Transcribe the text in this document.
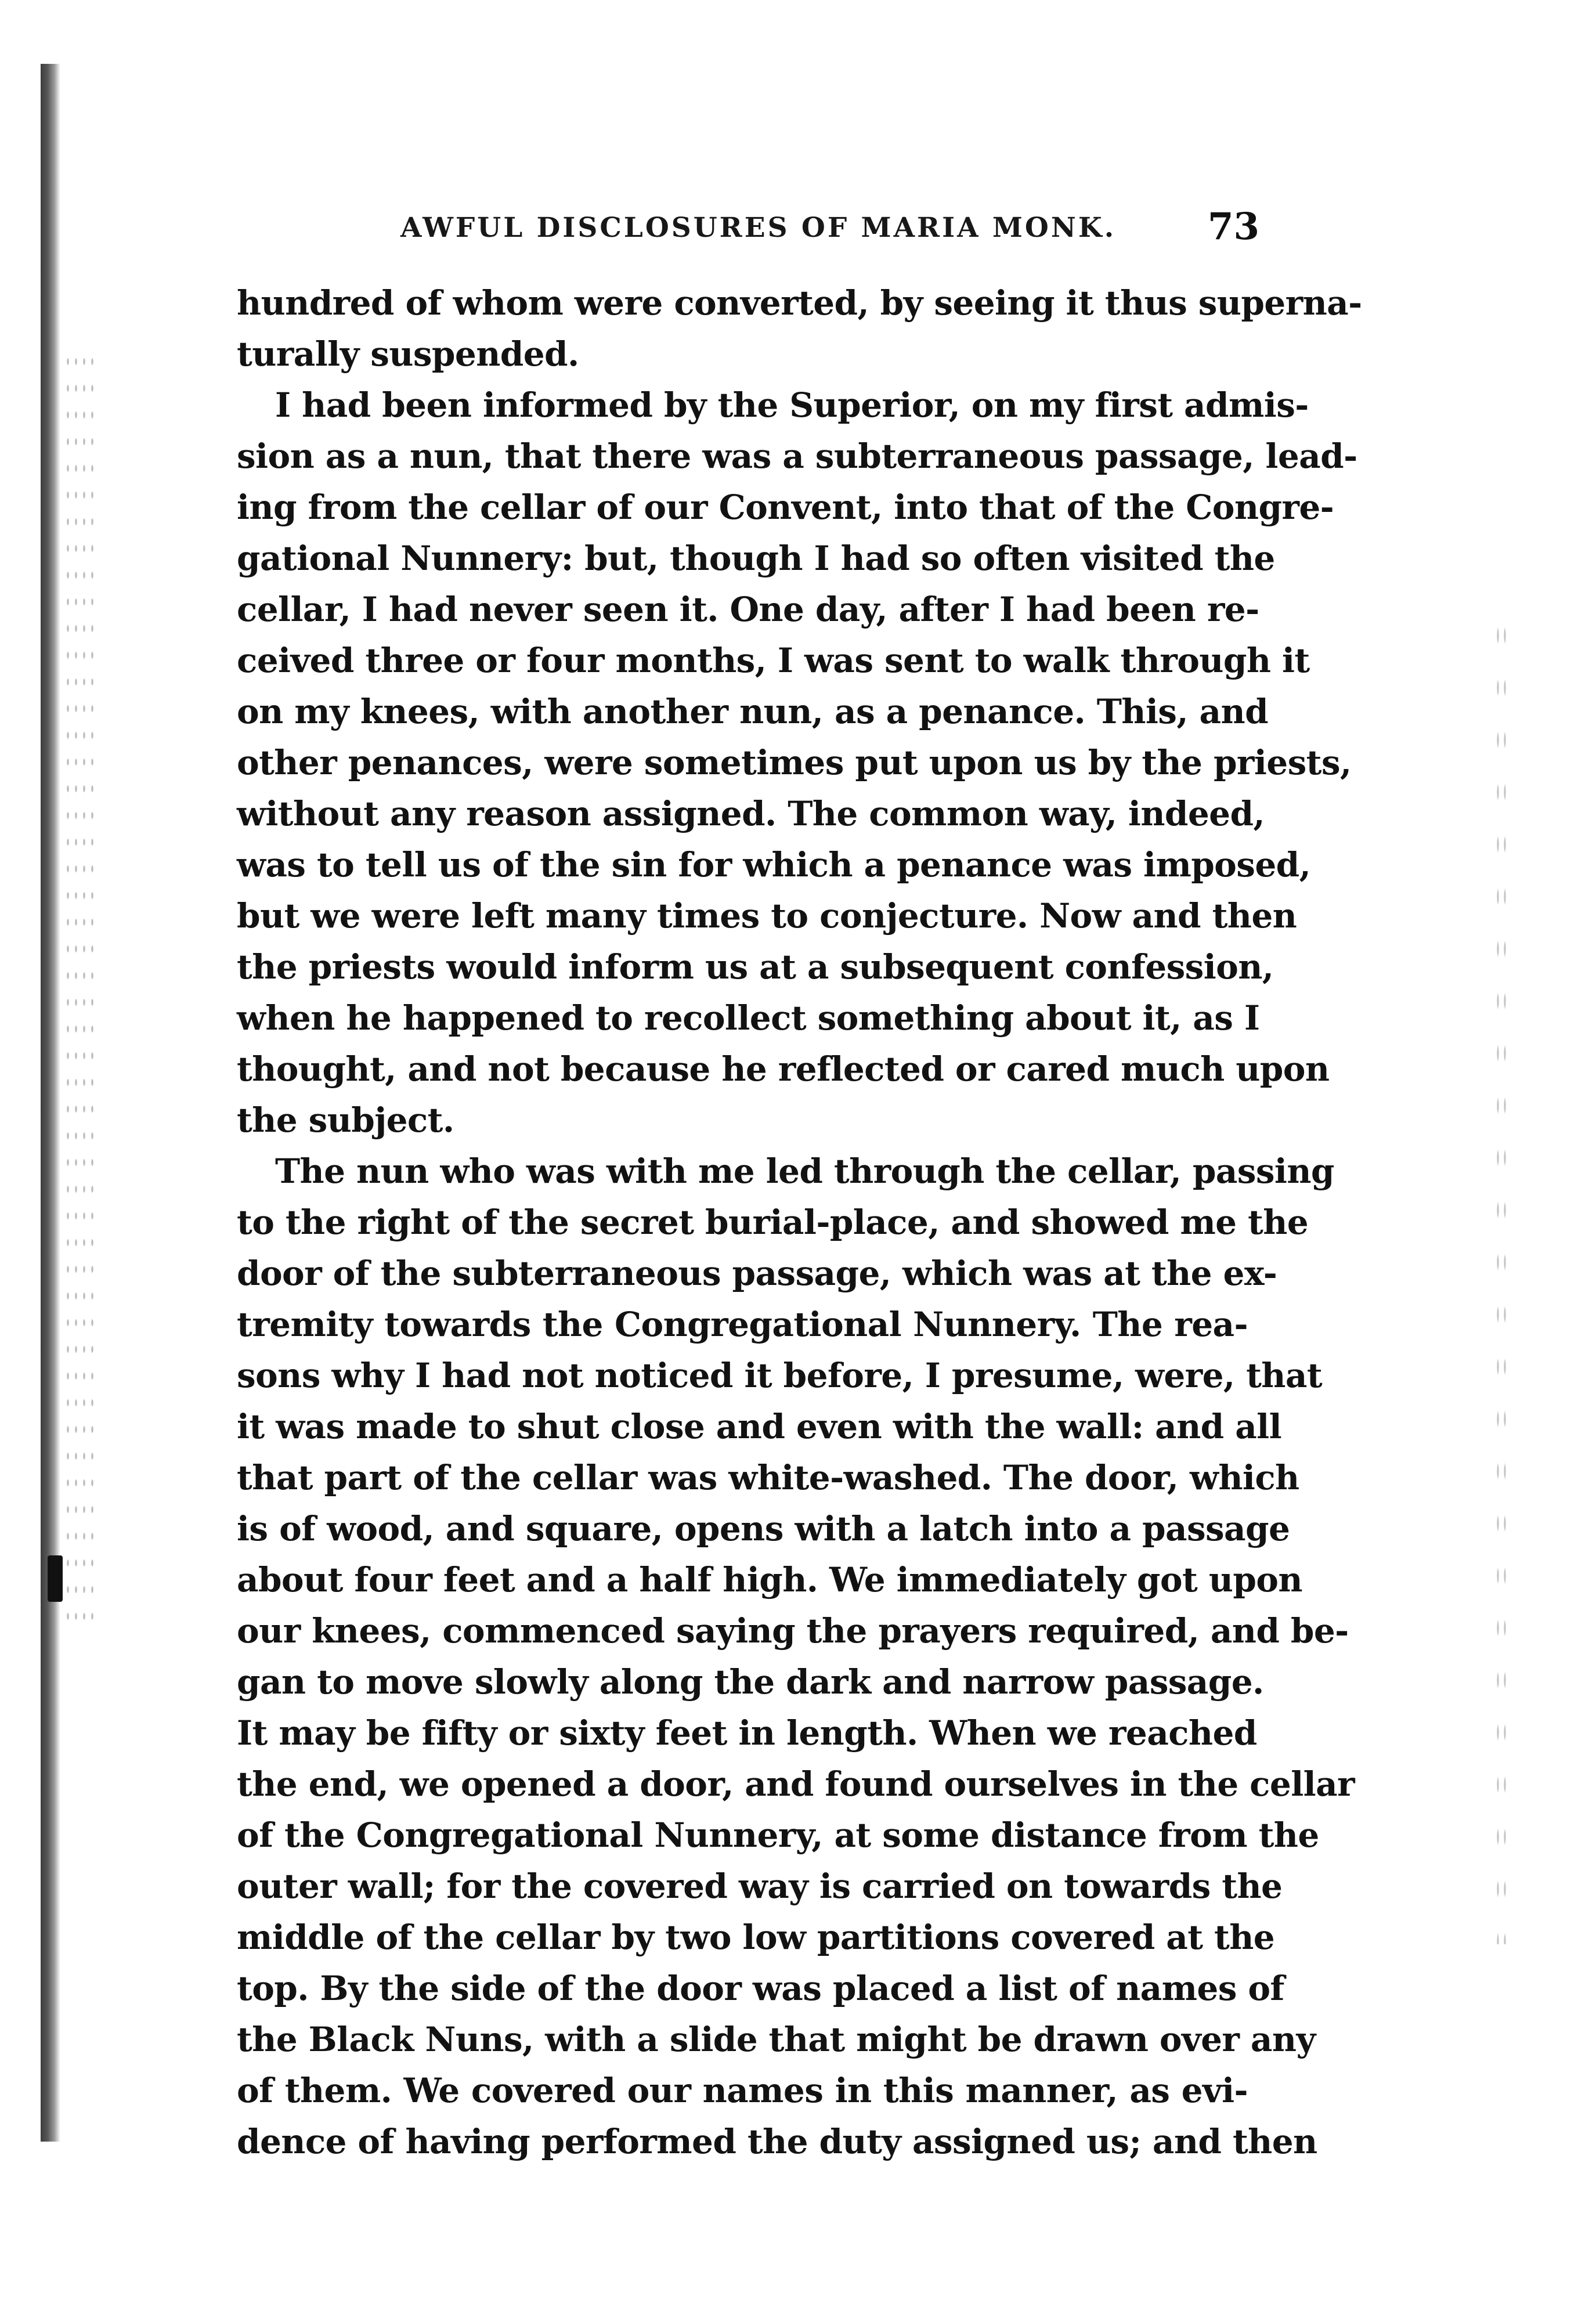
AWFUL DISCLOSURES OF MARIA MONK.	73
hundred of whom were converted, by seeing it thus superna-
turally suspended.
I had been informed by the Superior, on my first admis-
sion as a nun, that there was a subterraneous passage, lead-
ing from the cellar of our Convent, into that of the Congre-
gational Nunnery: but, though I had so often visited the
cellar, I had never seen it. One day, after I had been re-
ceived three or four months, I was sent to walk through it
on my knees, with another nun, as a penance. This, and
other penances, were sometimes put upon us by the priests,
without any reason assigned. The common way, indeed,
was to tell us of the sin for which a penance was imposed,
but we were left many times to conjecture. Now and then
the priests would inform us at a subsequent confession,
when he happened to recollect something about it, as I
thought, and not because he reflected or cared much upon
the subject.
The nun who was with me led through the cellar, passing
to the right of the secret burial-place, and showed me the
door of the subterraneous passage, which was at the ex-
tremity towards the Congregational Nunnery. The rea-
sons why I had not noticed it before, I presume, were, that
it was made to shut close and even with the wall: and all
that part of the cellar was white-washed. The door, which
is of wood, and square, opens with a latch into a passage
about four feet and a half high. We immediately got upon
our knees, commenced saying the prayers required, and be-
gan to move slowly along the dark and narrow passage.
It may be fifty or sixty feet in length. When we reached
the end, we opened a door, and found ourselves in the cellar
of the Congregational Nunnery, at some distance from the
outer wall; for the covered way is carried on towards the
middle of the cellar by two low partitions covered at the
top. By the side of the door was placed a list of names of
the Black Nuns, with a slide that might be drawn over any
of them. We covered our names in this manner, as evi-
dence of having performed the duty assigned us; and then
